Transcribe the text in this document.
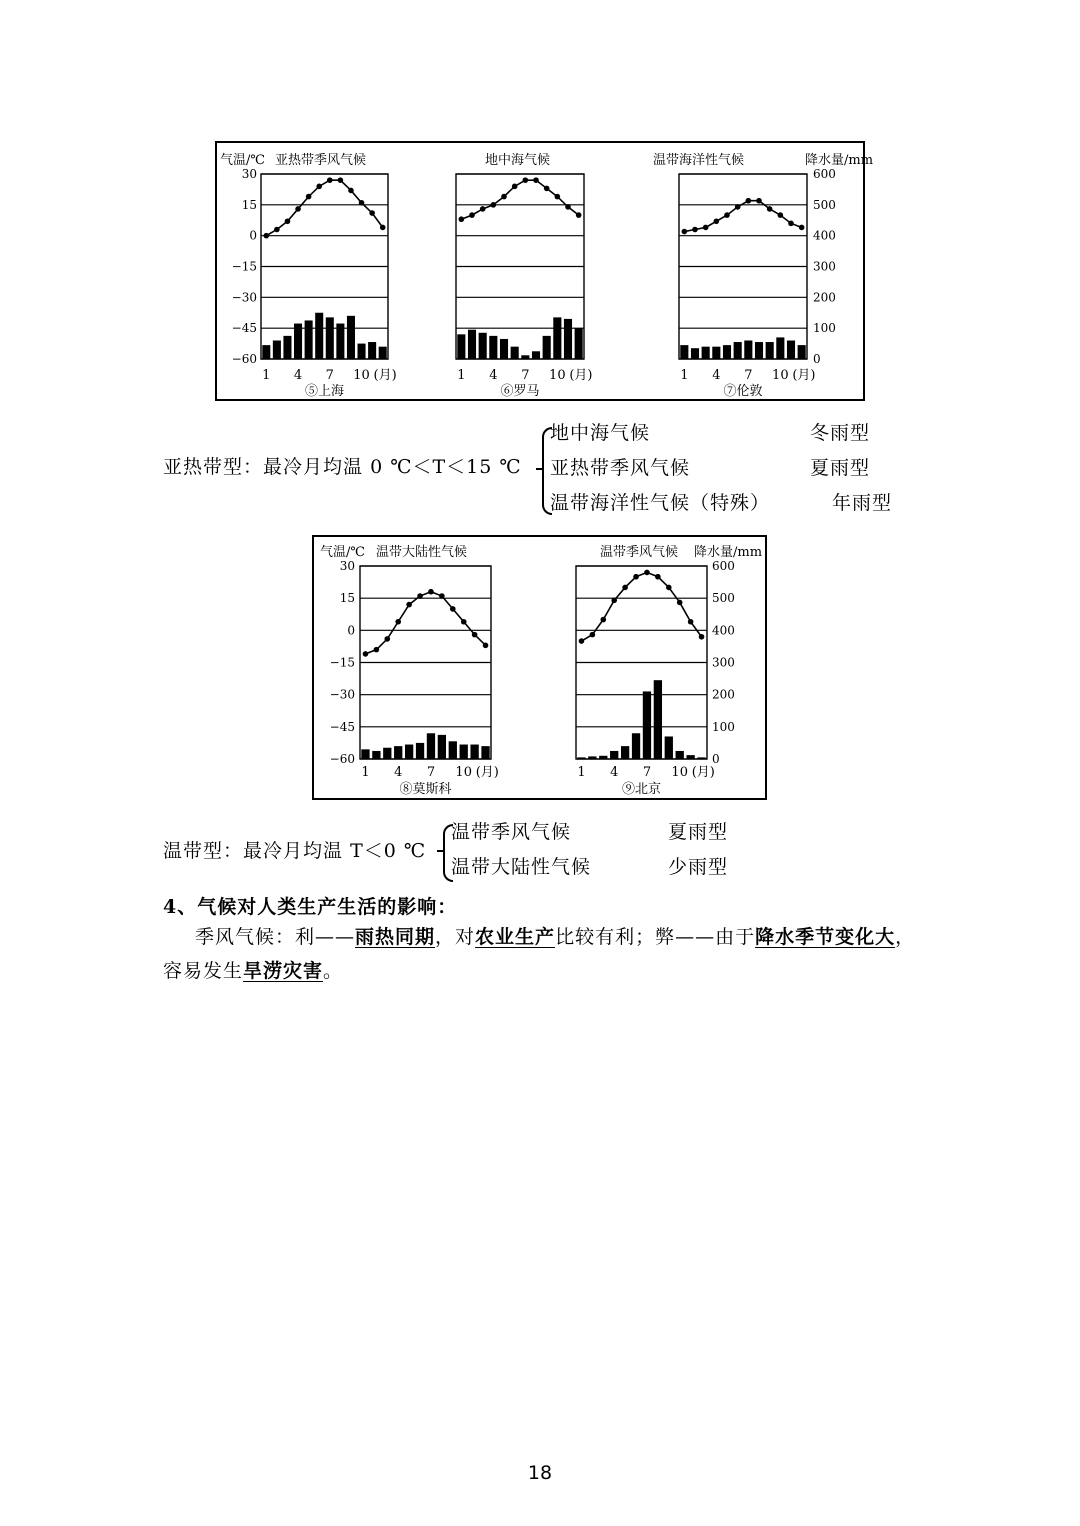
气温/℃	降水量/mm
30
15
0
−15
−30
−45
−60
600
500
400
300
200
100
0
1 4 7 10 (月)
亚热带季风气候
⑤上海
1 4 7 10 (月)
地中海气候
⑥罗马
1 4 7 10 (月)
温带海洋性气候
⑦伦敦
亚热带型：最冷月均温 0 ℃＜T＜15 ℃
地中海气候	冬雨型
亚热带季风气候	夏雨型
温带海洋性气候（特殊）	年雨型
气温/℃	降水量/mm
30
15
0
−15
−30
−45
−60
600
500
400
300
200
100
0
1 4 7 10 (月)
温带大陆性气候
⑧莫斯科
1 4 7 10 (月)
温带季风气候
⑨北京
温带型：最冷月均温 T＜0 ℃
温带季风气候	夏雨型
温带大陆性气候	少雨型
4、气候对人类生产生活的影响：
季风气候：利——雨热同期，对农业生产比较有利；弊——由于降水季节变化大，容易发生旱涝灾害。
18
